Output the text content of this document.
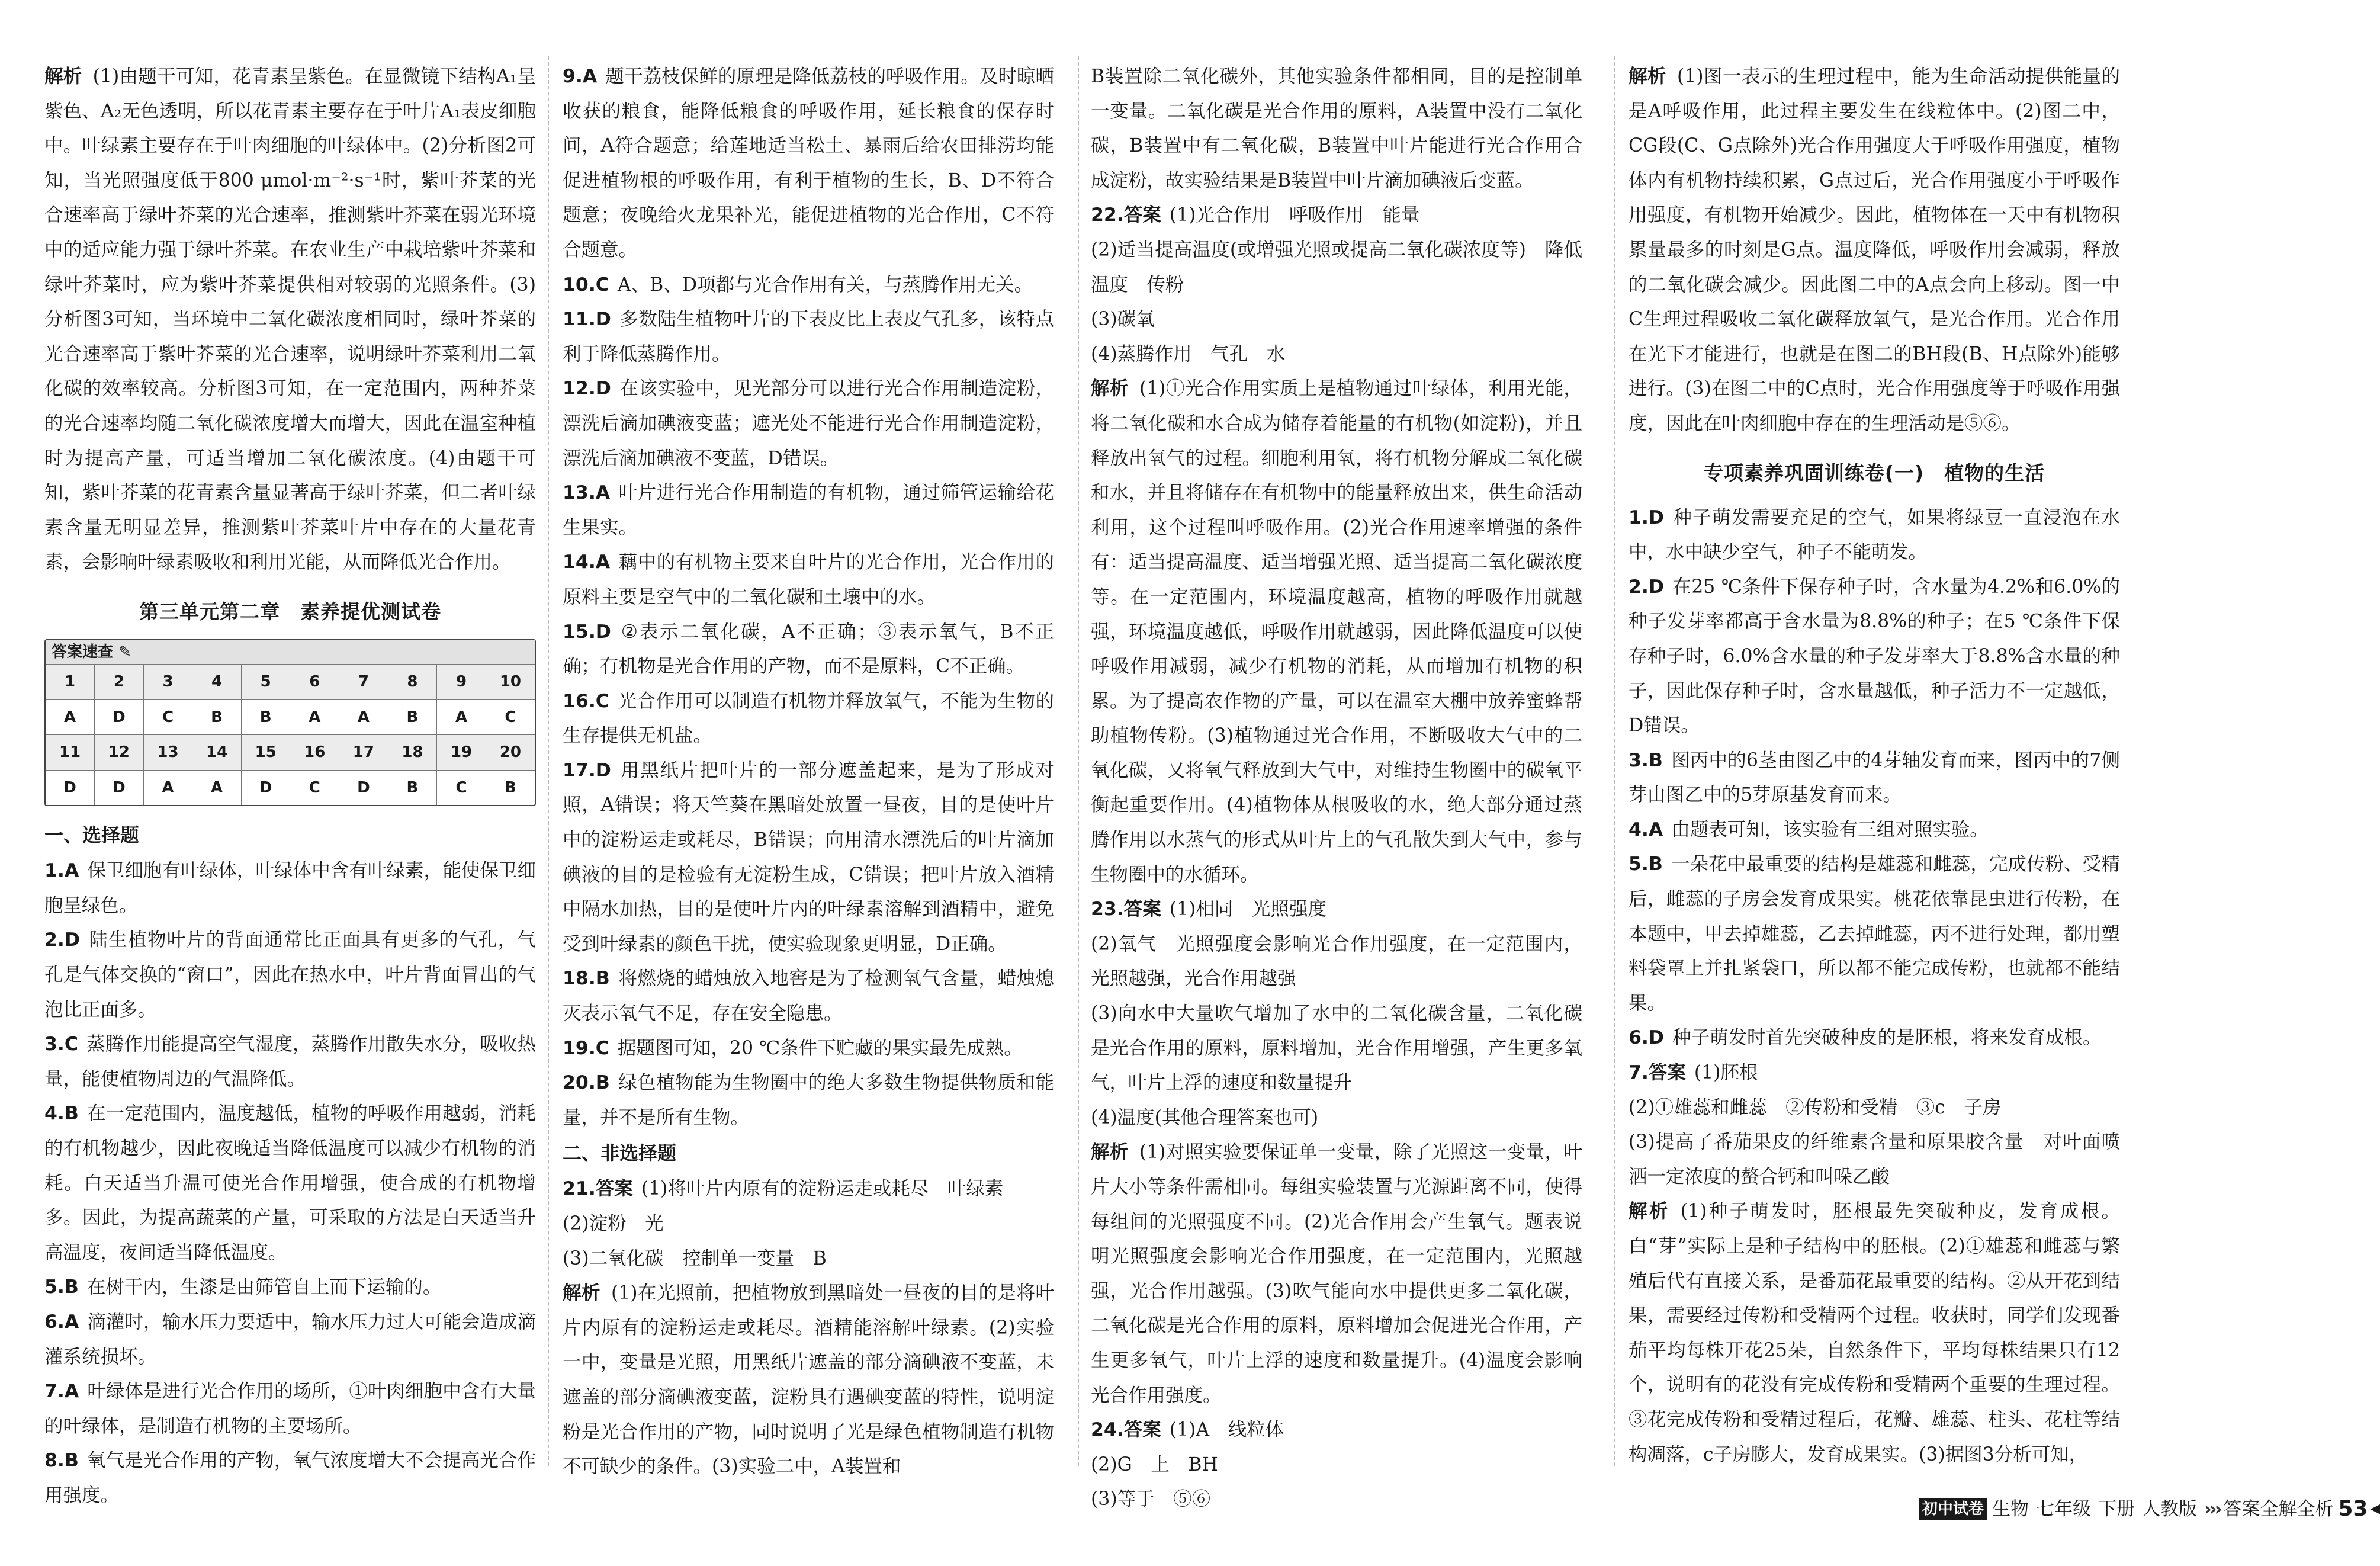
解析 (1)由题干可知，花青素呈紫色。在显微镜下结构A₁呈紫色、A₂无色透明，所以花青素主要存在于叶片A₁表皮细胞中。叶绿素主要存在于叶肉细胞的叶绿体中。(2)分析图2可知，当光照强度低于800 μmol·m⁻²·s⁻¹时，紫叶芥菜的光合速率高于绿叶芥菜的光合速率，推测紫叶芥菜在弱光环境中的适应能力强于绿叶芥菜。在农业生产中栽培紫叶芥菜和绿叶芥菜时，应为紫叶芥菜提供相对较弱的光照条件。(3)分析图3可知，当环境中二氧化碳浓度相同时，绿叶芥菜的光合速率高于紫叶芥菜的光合速率，说明绿叶芥菜利用二氧化碳的效率较高。分析图3可知，在一定范围内，两种芥菜的光合速率均随二氧化碳浓度增大而增大，因此在温室种植时为提高产量，可适当增加二氧化碳浓度。(4)由题干可知，紫叶芥菜的花青素含量显著高于绿叶芥菜，但二者叶绿素含量无明显差异，推测紫叶芥菜叶片中存在的大量花青素，会影响叶绿素吸收和利用光能，从而降低光合作用。

第三单元第二章　素养提优测试卷
答案速查 ✎
1	2	3	4	5	6	7	8	9	10
A	D	C	B	B	A	A	B	A	C
11	12	13	14	15	16	17	18	19	20
D	D	A	A	D	C	D	B	C	B
一、选择题

1.A 保卫细胞有叶绿体，叶绿体中含有叶绿素，能使保卫细胞呈绿色。

2.D 陆生植物叶片的背面通常比正面具有更多的气孔，气孔是气体交换的“窗口”，因此在热水中，叶片背面冒出的气泡比正面多。

3.C 蒸腾作用能提高空气湿度，蒸腾作用散失水分，吸收热量，能使植物周边的气温降低。

4.B 在一定范围内，温度越低，植物的呼吸作用越弱，消耗的有机物越少，因此夜晚适当降低温度可以减少有机物的消耗。白天适当升温可使光合作用增强，使合成的有机物增多。因此，为提高蔬菜的产量，可采取的方法是白天适当升高温度，夜间适当降低温度。

5.B 在树干内，生漆是由筛管自上而下运输的。

6.A 滴灌时，输水压力要适中，输水压力过大可能会造成滴灌系统损坏。

7.A 叶绿体是进行光合作用的场所，①叶肉细胞中含有大量的叶绿体，是制造有机物的主要场所。

8.B 氧气是光合作用的产物，氧气浓度增大不会提高光合作用强度。

9.A 题干荔枝保鲜的原理是降低荔枝的呼吸作用。及时晾晒收获的粮食，能降低粮食的呼吸作用，延长粮食的保存时间，A符合题意；给莲地适当松土、暴雨后给农田排涝均能促进植物根的呼吸作用，有利于植物的生长，B、D不符合题意；夜晚给火龙果补光，能促进植物的光合作用，C不符合题意。

10.C A、B、D项都与光合作用有关，与蒸腾作用无关。

11.D 多数陆生植物叶片的下表皮比上表皮气孔多，该特点利于降低蒸腾作用。

12.D 在该实验中，见光部分可以进行光合作用制造淀粉，漂洗后滴加碘液变蓝；遮光处不能进行光合作用制造淀粉，漂洗后滴加碘液不变蓝，D错误。

13.A 叶片进行光合作用制造的有机物，通过筛管运输给花生果实。

14.A 藕中的有机物主要来自叶片的光合作用，光合作用的原料主要是空气中的二氧化碳和土壤中的水。

15.D ②表示二氧化碳，A不正确；③表示氧气，B不正确；有机物是光合作用的产物，而不是原料，C不正确。

16.C 光合作用可以制造有机物并释放氧气，不能为生物的生存提供无机盐。

17.D 用黑纸片把叶片的一部分遮盖起来，是为了形成对照，A错误；将天竺葵在黑暗处放置一昼夜，目的是使叶片中的淀粉运走或耗尽，B错误；向用清水漂洗后的叶片滴加碘液的目的是检验有无淀粉生成，C错误；把叶片放入酒精中隔水加热，目的是使叶片内的叶绿素溶解到酒精中，避免受到叶绿素的颜色干扰，使实验现象更明显，D正确。

18.B 将燃烧的蜡烛放入地窖是为了检测氧气含量，蜡烛熄灭表示氧气不足，存在安全隐患。

19.C 据题图可知，20 ℃条件下贮藏的果实最先成熟。

20.B 绿色植物能为生物圈中的绝大多数生物提供物质和能量，并不是所有生物。

二、非选择题

21.答案 (1)将叶片内原有的淀粉运走或耗尽　叶绿素

(2)淀粉　光

(3)二氧化碳　控制单一变量　B

解析 (1)在光照前，把植物放到黑暗处一昼夜的目的是将叶片内原有的淀粉运走或耗尽。酒精能溶解叶绿素。(2)实验一中，变量是光照，用黑纸片遮盖的部分滴碘液不变蓝，未遮盖的部分滴碘液变蓝，淀粉具有遇碘变蓝的特性，说明淀粉是光合作用的产物，同时说明了光是绿色植物制造有机物不可缺少的条件。(3)实验二中，A装置和

B装置除二氧化碳外，其他实验条件都相同，目的是控制单一变量。二氧化碳是光合作用的原料，A装置中没有二氧化碳，B装置中有二氧化碳，B装置中叶片能进行光合作用合成淀粉，故实验结果是B装置中叶片滴加碘液后变蓝。

22.答案 (1)光合作用　呼吸作用　能量

(2)适当提高温度(或增强光照或提高二氧化碳浓度等)　降低温度　传粉

(3)碳氧

(4)蒸腾作用　气孔　水

解析 (1)①光合作用实质上是植物通过叶绿体，利用光能，将二氧化碳和水合成为储存着能量的有机物(如淀粉)，并且释放出氧气的过程。细胞利用氧，将有机物分解成二氧化碳和水，并且将储存在有机物中的能量释放出来，供生命活动利用，这个过程叫呼吸作用。(2)光合作用速率增强的条件有：适当提高温度、适当增强光照、适当提高二氧化碳浓度等。在一定范围内，环境温度越高，植物的呼吸作用就越强，环境温度越低，呼吸作用就越弱，因此降低温度可以使呼吸作用减弱，减少有机物的消耗，从而增加有机物的积累。为了提高农作物的产量，可以在温室大棚中放养蜜蜂帮助植物传粉。(3)植物通过光合作用，不断吸收大气中的二氧化碳，又将氧气释放到大气中，对维持生物圈中的碳氧平衡起重要作用。(4)植物体从根吸收的水，绝大部分通过蒸腾作用以水蒸气的形式从叶片上的气孔散失到大气中，参与生物圈中的水循环。

23.答案 (1)相同　光照强度

(2)氧气　光照强度会影响光合作用强度，在一定范围内，光照越强，光合作用越强

(3)向水中大量吹气增加了水中的二氧化碳含量，二氧化碳是光合作用的原料，原料增加，光合作用增强，产生更多氧气，叶片上浮的速度和数量提升

(4)温度(其他合理答案也可)

解析 (1)对照实验要保证单一变量，除了光照这一变量，叶片大小等条件需相同。每组实验装置与光源距离不同，使得每组间的光照强度不同。(2)光合作用会产生氧气。题表说明光照强度会影响光合作用强度，在一定范围内，光照越强，光合作用越强。(3)吹气能向水中提供更多二氧化碳，二氧化碳是光合作用的原料，原料增加会促进光合作用，产生更多氧气，叶片上浮的速度和数量提升。(4)温度会影响光合作用强度。

24.答案 (1)A　线粒体

(2)G　上　BH

(3)等于　⑤⑥

解析 (1)图一表示的生理过程中，能为生命活动提供能量的是A呼吸作用，此过程主要发生在线粒体中。(2)图二中，CG段(C、G点除外)光合作用强度大于呼吸作用强度，植物体内有机物持续积累，G点过后，光合作用强度小于呼吸作用强度，有机物开始减少。因此，植物体在一天中有机物积累量最多的时刻是G点。温度降低，呼吸作用会减弱，释放的二氧化碳会减少。因此图二中的A点会向上移动。图一中C生理过程吸收二氧化碳释放氧气，是光合作用。光合作用在光下才能进行，也就是在图二的BH段(B、H点除外)能够进行。(3)在图二中的C点时，光合作用强度等于呼吸作用强度，因此在叶肉细胞中存在的生理活动是⑤⑥。

专项素养巩固训练卷(一)　植物的生活

1.D 种子萌发需要充足的空气，如果将绿豆一直浸泡在水中，水中缺少空气，种子不能萌发。

2.D 在25 ℃条件下保存种子时，含水量为4.2%和6.0%的种子发芽率都高于含水量为8.8%的种子；在5 ℃条件下保存种子时，6.0%含水量的种子发芽率大于8.8%含水量的种子，因此保存种子时，含水量越低，种子活力不一定越低，D错误。

3.B 图丙中的6茎由图乙中的4芽轴发育而来，图丙中的7侧芽由图乙中的5芽原基发育而来。

4.A 由题表可知，该实验有三组对照实验。

5.B 一朵花中最重要的结构是雄蕊和雌蕊，完成传粉、受精后，雌蕊的子房会发育成果实。桃花依靠昆虫进行传粉，在本题中，甲去掉雄蕊，乙去掉雌蕊，丙不进行处理，都用塑料袋罩上并扎紧袋口，所以都不能完成传粉，也就都不能结果。

6.D 种子萌发时首先突破种皮的是胚根，将来发育成根。

7.答案 (1)胚根

(2)①雄蕊和雌蕊　②传粉和受精　③c　子房

(3)提高了番茄果皮的纤维素含量和原果胶含量　对叶面喷洒一定浓度的螯合钙和叫哚乙酸

解析 (1)种子萌发时，胚根最先突破种皮，发育成根。白“芽”实际上是种子结构中的胚根。(2)①雄蕊和雌蕊与繁殖后代有直接关系，是番茄花最重要的结构。②从开花到结果，需要经过传粉和受精两个过程。收获时，同学们发现番茄平均每株开花25朵，自然条件下，平均每株结果只有12个，说明有的花没有完成传粉和受精两个重要的生理过程。③花完成传粉和受精过程后，花瓣、雄蕊、柱头、花柱等结构凋落，c子房膨大，发育成果实。(3)据图3分析可知，

初中试卷 生物 七年级 下册 人教版 ››› 答案全解全析 53 ◀
